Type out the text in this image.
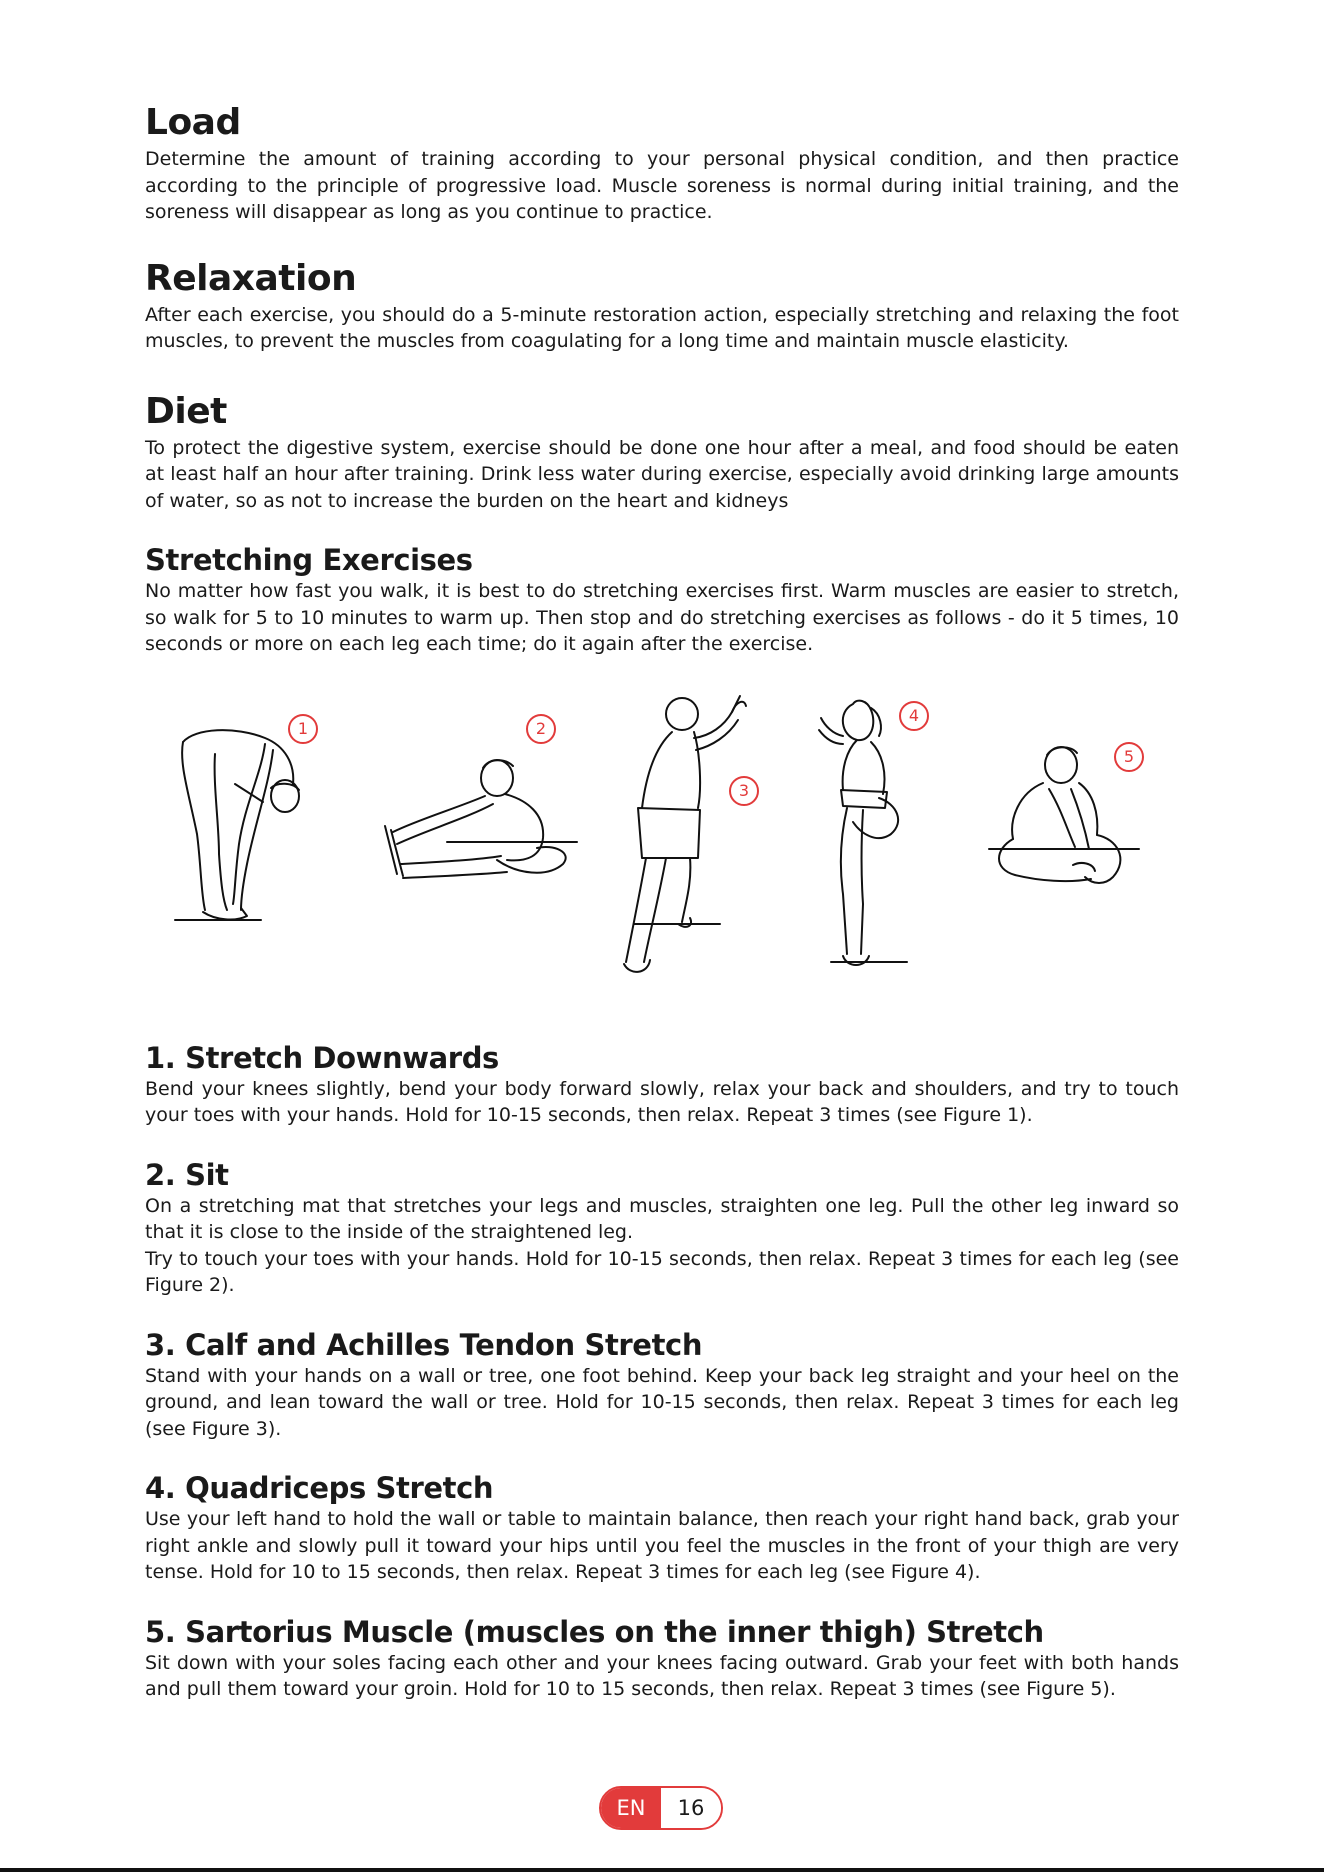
Load

Determine the amount of training according to your personal physical condition, and then practice according to the principle of progressive load. Muscle soreness is normal during initial training, and the soreness will disappear as long as you continue to practice.

Relaxation

After each exercise, you should do a 5-minute restoration action, especially stretching and relaxing the foot muscles, to prevent the muscles from coagulating for a long time and maintain muscle elasticity.

Diet

To protect the digestive system, exercise should be done one hour after a meal, and food should be eaten at least half an hour after training. Drink less water during exercise, especially avoid drinking large amounts of water, so as not to increase the burden on the heart and kidneys

Stretching Exercises

No matter how fast you walk, it is best to do stretching exercises first. Warm muscles are easier to stretch, so walk for 5 to 10 minutes to warm up. Then stop and do stretching exercises as follows - do it 5 times, 10 seconds or more on each leg each time; do it again after the exercise.

1	2
3
4
5
1. Stretch Downwards

Bend your knees slightly, bend your body forward slowly, relax your back and shoulders, and try to touch your toes with your hands. Hold for 10-15 seconds, then relax. Repeat 3 times (see Figure 1).

2. Sit

On a stretching mat that stretches your legs and muscles, straighten one leg. Pull the other leg inward so that it is close to the inside of the straightened leg.

Try to touch your toes with your hands. Hold for 10-15 seconds, then relax. Repeat 3 times for each leg (see Figure 2).

3. Calf and Achilles Tendon Stretch

Stand with your hands on a wall or tree, one foot behind. Keep your back leg straight and your heel on the ground, and lean toward the wall or tree. Hold for 10-15 seconds, then relax. Repeat 3 times for each leg (see Figure 3).

4. Quadriceps Stretch

Use your left hand to hold the wall or table to maintain balance, then reach your right hand back, grab your right ankle and slowly pull it toward your hips until you feel the muscles in the front of your thigh are very tense. Hold for 10 to 15 seconds, then relax. Repeat 3 times for each leg (see Figure 4).

5. Sartorius Muscle (muscles on the inner thigh) Stretch

Sit down with your soles facing each other and your knees facing outward. Grab your feet with both hands and pull them toward your groin. Hold for 10 to 15 seconds, then relax. Repeat 3 times (see Figure 5).

EN	16
